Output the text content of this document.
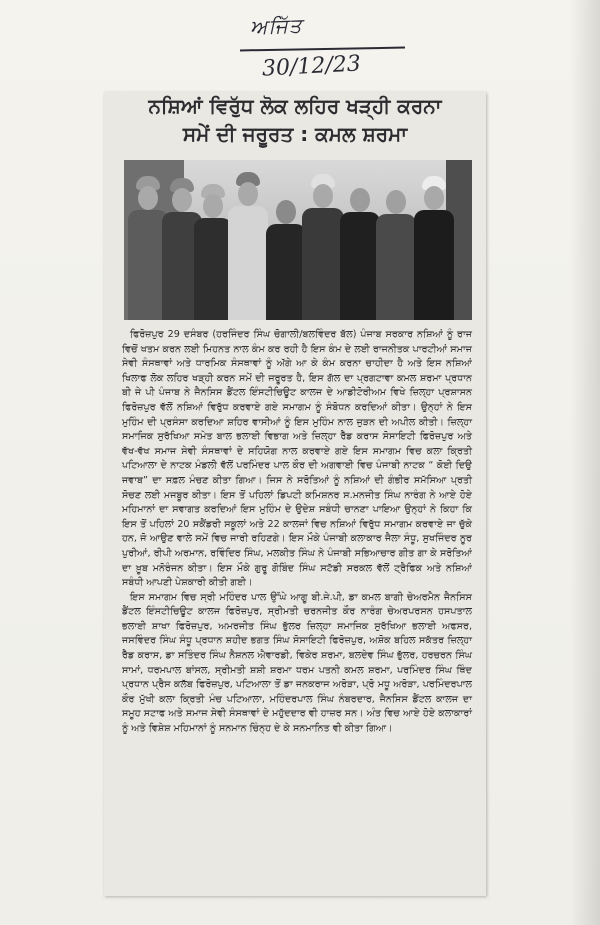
ਅਜਿੱਤ
30/12/23
ਨਸ਼ਿਆਂ ਵਿਰੁੱਧ ਲੋਕ ਲਹਿਰ ਖੜ੍ਹੀ ਕਰਨਾ
ਸਮੇਂ ਦੀ ਜਰੂਰਤ : ਕਮਲ ਸ਼ਰਮਾ

ਫਿਰੋਜ਼ਪੁਰ 29 ਦਸੰਬਰ (ਹਰਜਿੰਦਰ ਸਿੰਘ ਚੋਗਾਲੀ/ਬਲਵਿੰਦਰ ਬੱਲ) ਪੰਜਾਬ ਸਰਕਾਰ ਨਸ਼ਿਆਂ ਨੂੰ ਰਾਜ ਵਿਚੋਂ ਖਤਮ ਕਰਨ ਲਈ ਮਿਹਨਤ ਨਾਲ ਕੰਮ ਕਰ ਰਹੀ ਹੈ ਇਸ ਕੰਮ ਦੇ ਲਈ ਰਾਜਨੀਤਕ ਪਾਰਟੀਆਂ ਸਮਾਜ ਸੇਵੀ ਸੰਸਥਾਵਾਂ ਅਤੇ ਧਾਰਮਿਕ ਸੰਸਥਾਵਾਂ ਨੂੰ ਅੱਗੇ ਆ ਕੇ ਕੰਮ ਕਰਨਾ ਚਾਹੀਦਾ ਹੈ ਅਤੇ ਇਸ ਨਸ਼ਿਆਂ ਖਿਲਾਫ ਲੋਕ ਲਹਿਰ ਖੜ੍ਹੀ ਕਰਨ ਸਮੇਂ ਦੀ ਜਰੂਰਤ ਹੈ, ਇਸ ਗੱਲ ਦਾ ਪ੍ਰਗਟਾਵਾ ਕਮਲ ਸ਼ਰਮਾ ਪ੍ਰਧਾਨ ਬੀ ਜੇ ਪੀ ਪੰਜਾਬ ਨੇ ਜੈਨਸਿਸ ਡੈਂਟਲ ਇੰਸਟੀਚਿਊਟ ਕਾਲਜ ਦੇ ਆਡੀਟੋਰੀਅਮ ਵਿਖੇ ਜ਼ਿਲ੍ਹਾ ਪ੍ਰਸ਼ਾਸਨ ਫਿਰੋਜ਼ਪੁਰ ਵੱਲੋਂ ਨਸ਼ਿਆਂ ਵਿਰੁੱਧ ਕਰਵਾਏ ਗਏ ਸਮਾਗਮ ਨੂੰ ਸੰਬੋਧਨ ਕਰਦਿਆਂ ਕੀਤਾ। ਉਨ੍ਹਾਂ ਨੇ ਇਸ ਮੁਹਿੰਮ ਦੀ ਪ੍ਰਸੰਸਾ ਕਰਦਿਆ ਸ਼ਹਿਰ ਵਾਸੀਆਂ ਨੂੰ ਇਸ ਮੁਹਿੰਮ ਨਾਲ ਜੁੜਨ ਦੀ ਅਪੀਲ ਕੀਤੀ। ਜ਼ਿਲ੍ਹਾ ਸਮਾਜਿਕ ਸੁਰੱਖਿਆ ਸਮੇਤ ਬਾਲ ਭਲਾਈ ਵਿਭਾਗ ਅਤੇ ਜ਼ਿਲ੍ਹਾ ਰੈੱਡ ਕਰਾਸ ਸੋਸਾਇਟੀ ਫਿਰੋਜ਼ਪੁਰ ਅਤੇ ਵੱਖ-ਵੱਖ ਸਮਾਜ ਸੇਵੀ ਸੰਸਥਾਵਾਂ ਦੇ ਸਹਿਯੋਗ ਨਾਲ ਕਰਵਾਏ ਗਏ ਇਸ ਸਮਾਗਮ ਵਿਚ ਕਲਾ ਕ੍ਰਿਤੀ ਪਟਿਆਲਾ ਦੇ ਨਾਟਕ ਮੰਡਲੀ ਵੱਲੋਂ ਪਰਮਿੰਦਰ ਪਾਲ ਕੌਰ ਦੀ ਅਗਵਾਈ ਵਿਚ ਪੰਜਾਬੀ ਨਾਟਕ “ ਕੋਈ ਦਿਉ ਜਵਾਬ” ਦਾ ਸਫ਼ਲ ਮੰਚਣ ਕੀਤਾ ਗਿਆ। ਜਿਸ ਨੇ ਸਰੋਤਿਆਂ ਨੂੰ ਨਸ਼ਿਆਂ ਦੀ ਗੰਭੀਰ ਸਮੱਸਿਆ ਪ੍ਰਤੀ ਸੋਚਣ ਲਈ ਮਜਬੂਰ ਕੀਤਾ। ਇਸ ਤੋਂ ਪਹਿਲਾਂ ਡਿਪਟੀ ਕਮਿਸ਼ਨਰ ਸ.ਮਨਜੀਤ ਸਿੰਘ ਨਾਰੰਗ ਨੇ ਆਏ ਹੋਏ ਮਹਿਮਾਨਾਂ ਦਾ ਸਵਾਗਤ ਕਰਦਿਆਂ ਇਸ ਮੁਹਿੰਮ ਦੇ ਉਦੇਸ਼ ਸਬੰਧੀ ਚਾਨਣਾ ਪਾਇਆ ਉਨ੍ਹਾਂ ਨੇ ਕਿਹਾ ਕਿ ਇਸ ਤੋਂ ਪਹਿਲਾਂ 20 ਸਕੈਂਡਰੀ ਸਕੂਲਾਂ ਅਤੇ 22 ਕਾਲਜਾਂ ਵਿਚ ਨਸ਼ਿਆਂ ਵਿਰੁੱਧ ਸਮਾਗਮ ਕਰਵਾਏ ਜਾ ਚੁੱਕੇ ਹਨ, ਜੋ ਆਉਣ ਵਾਲੇ ਸਮੇਂ ਵਿਚ ਜਾਰੀ ਰਹਿਣਗੇ। ਇਸ ਮੌਕੇ ਪੰਜਾਬੀ ਕਲਾਕਾਰ ਜੈਲਾ ਸੰਧੂ, ਸੁਖਜਿੰਦਰ ਨੂਰ ਪੁਰੀਆਂ, ਰੀਪੀ ਅਰਮਾਨ, ਰਵਿੰਦਿਰ ਸਿੰਘ, ਮਲਕੀਤ ਸਿੰਘ ਨੇ ਪੰਜਾਬੀ ਸਭਿਆਚਾਰ ਗੀਤ ਗਾ ਕੇ ਸਰੋਤਿਆਂ ਦਾ ਖ਼ੂਬ ਮਨੋਰੰਜਨ ਕੀਤਾ। ਇਸ ਮੌਕੇ ਗੁਰੂ ਗੋਬਿੰਦ ਸਿੰਘ ਸਟੱਡੀ ਸਰਕਲ ਵੱਲੋਂ ਟ੍ਰੈਫਿਕ ਅਤੇ ਨਸ਼ਿਆਂ ਸਬੰਧੀ ਆਪਣੀ ਪੇਸ਼ਕਾਰੀ ਕੀਤੀ ਗਈ।

ਇਸ ਸਮਾਗਮ ਵਿਚ ਸ੍ਰੀ ਮਹਿੰਦਰ ਪਾਲ ਉੱਘੇ ਆਗੂ ਬੀ.ਜੇ.ਪੀ, ਡਾ ਕਮਲ ਬਾਗੀ ਚੇਅਰਮੈਨ ਜੈਨਸਿਸ ਡੈਂਟਲ ਇੰਸਟੀਚਿਊਟ ਕਾਲਜ ਫਿਰੋਜ਼ਪੁਰ, ਸ੍ਰੀਮਤੀ ਚਰਨਜੀਤ ਕੌਰ ਨਾਰੰਗ ਚੇਅਰਪਰਸਨ ਹਸਪਤਾਲ ਭਲਾਈ ਸ਼ਾਖਾ ਫਿਰੋਜ਼ਪੁਰ, ਅਮਰਜੀਤ ਸਿੰਘ ਭੁੱਲਰ ਜ਼ਿਲ੍ਹਾ ਸਮਾਜਿਕ ਸੁਰੱਖਿਆ ਭਲਾਈ ਅਫਸਰ, ਜਸਵਿੰਦਰ ਸਿੰਘ ਸੰਧੂ ਪ੍ਰਧਾਨ ਸ਼ਹੀਦ ਭਗਤ ਸਿੰਘ ਸੋਸਾਇਟੀ ਫਿਰੋਜ਼ਪੁਰ, ਅਸ਼ੋਕ ਬਹਿਲ ਸਕੱਤਰ ਜ਼ਿਲ੍ਹਾ ਰੈੱਡ ਕਰਾਸ, ਡਾ ਸਤਿੰਦਰ ਸਿੰਘ ਨੈਸ਼ਨਲ ਐਵਾਰਡੀ, ਵਿਕੇਰ ਸ਼ਰਮਾ, ਬਲਦੇਵ ਸਿੰਘ ਭੁੱਲਰ, ਹਰਚਰਨ ਸਿੰਘ ਸਾਮਾਂ, ਧਰਮਪਾਲ ਬਾਂਸਲ, ਸ੍ਰੀਮਤੀ ਸ਼ਸ਼ੀ ਸ਼ਰਮਾ ਧਰਮ ਪਤਨੀ ਕਮਲ ਸ਼ਰਮਾ, ਪਰਮਿੰਦਰ ਸਿੰਘ ਥਿੰਦ ਪ੍ਰਧਾਨ ਪ੍ਰੈਸ ਕਲੱਬ ਫਿਰੋਜ਼ਪੁਰ, ਪਟਿਆਲਾ ਤੋਂ ਡਾ ਜਨਕਰਾਜ ਅਰੋੜਾ, ਪ੍ਰੋ ਮਧੂ ਅਰੋੜਾ, ਪਰਮਿੰਦਰਪਾਲ ਕੌਰ ਮੁੱਖੀ ਕਲਾ ਕ੍ਰਿਤੀ ਮੰਚ ਪਟਿਆਲਾ, ਮਹਿੰਦਰਪਾਲ ਸਿੰਘ ਨੰਬਰਦਾਰ, ਜੈਨਸਿਸ ਡੈਂਟਲ ਕਾਲਜ ਦਾ ਸਮੂਹ ਸਟਾਫ ਅਤੇ ਸਮਾਜ ਸੇਵੀ ਸੰਸਥਾਵਾਂ ਦੇ ਮਹੁੱਦਦਾਰ ਵੀ ਹਾਜ਼ਰ ਸਨ। ਅੰਤ ਵਿਚ ਆਏ ਹੋਏ ਕਲਾਕਾਰਾਂ ਨੂੰ ਅਤੇ ਵਿਸ਼ੇਸ਼ ਮਹਿਮਾਨਾਂ ਨੂੰ ਸਨਮਾਨ ਚਿੰਨ੍ਹ ਦੇ ਕੇ ਸਨਮਾਨਿਤ ਵੀ ਕੀਤਾ ਗਿਆ।
